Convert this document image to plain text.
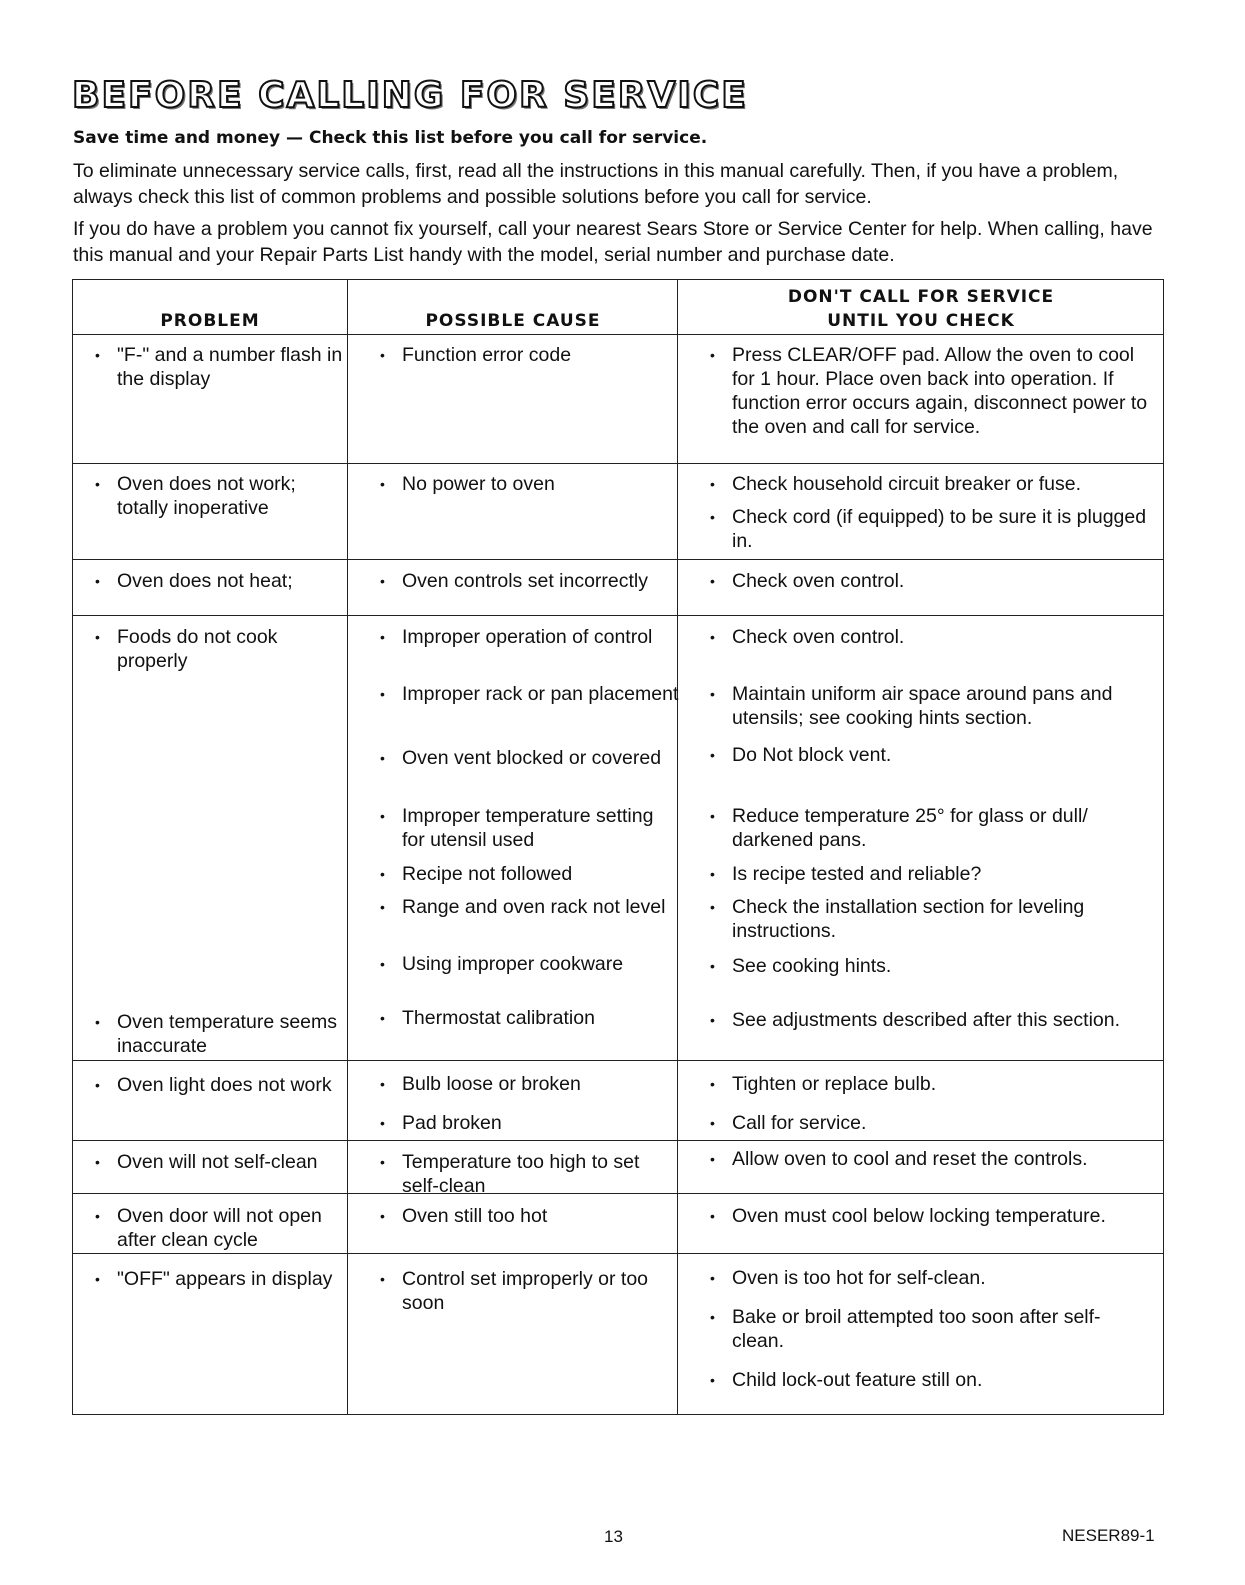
BEFORE CALLING FOR SERVICE
Save time and money — Check this list before you call for service.

To eliminate unnecessary service calls, first, read all the instructions in this manual carefully. Then, if you have a problem, always check this list of common problems and possible solutions before you call for service.

If you do have a problem you cannot fix yourself, call your nearest Sears Store or Service Center for help. When calling, have this manual and your Repair Parts List handy with the model, serial number and purchase date.

PROBLEM	POSSIBLE CAUSE
DON'T CALL FOR SERVICE
UNTIL YOU CHECK
• "F-" and a number flash in the display
• Oven does not work; totally inoperative
• Oven does not heat;
• Foods do not cook properly
• Oven temperature seems inaccurate
• Oven light does not work
• Oven will not self-clean
• Oven door will not open after clean cycle
• "OFF" appears in display
• Function error code
• No power to oven
• Oven controls set incorrectly
• Improper operation of control
• Improper rack or pan placement
• Oven vent blocked or covered
• Improper temperature setting for utensil used
• Recipe not followed
• Range and oven rack not level
• Using improper cookware
• Thermostat calibration
• Bulb loose or broken
• Pad broken
• Temperature too high to set self-clean
• Oven still too hot
• Control set improperly or too soon
• Press CLEAR/OFF pad. Allow the oven to cool for 1 hour. Place oven back into operation. If function error occurs again, disconnect power to the oven and call for service.
• Check household circuit breaker or fuse.
• Check cord (if equipped) to be sure it is plugged in.
• Check oven control.
• Check oven control.
• Maintain uniform air space around pans and utensils; see cooking hints section.
• Do Not block vent.
• Reduce temperature 25° for glass or dull/ darkened pans.
• Is recipe tested and reliable?
• Check the installation section for leveling instructions.
• See cooking hints.
• See adjustments described after this section.
• Tighten or replace bulb.
• Call for service.
• Allow oven to cool and reset the controls.
• Oven must cool below locking temperature.
• Oven is too hot for self-clean.
• Bake or broil attempted too soon after self-clean.
• Child lock-out feature still on.
13	NESER89-1
